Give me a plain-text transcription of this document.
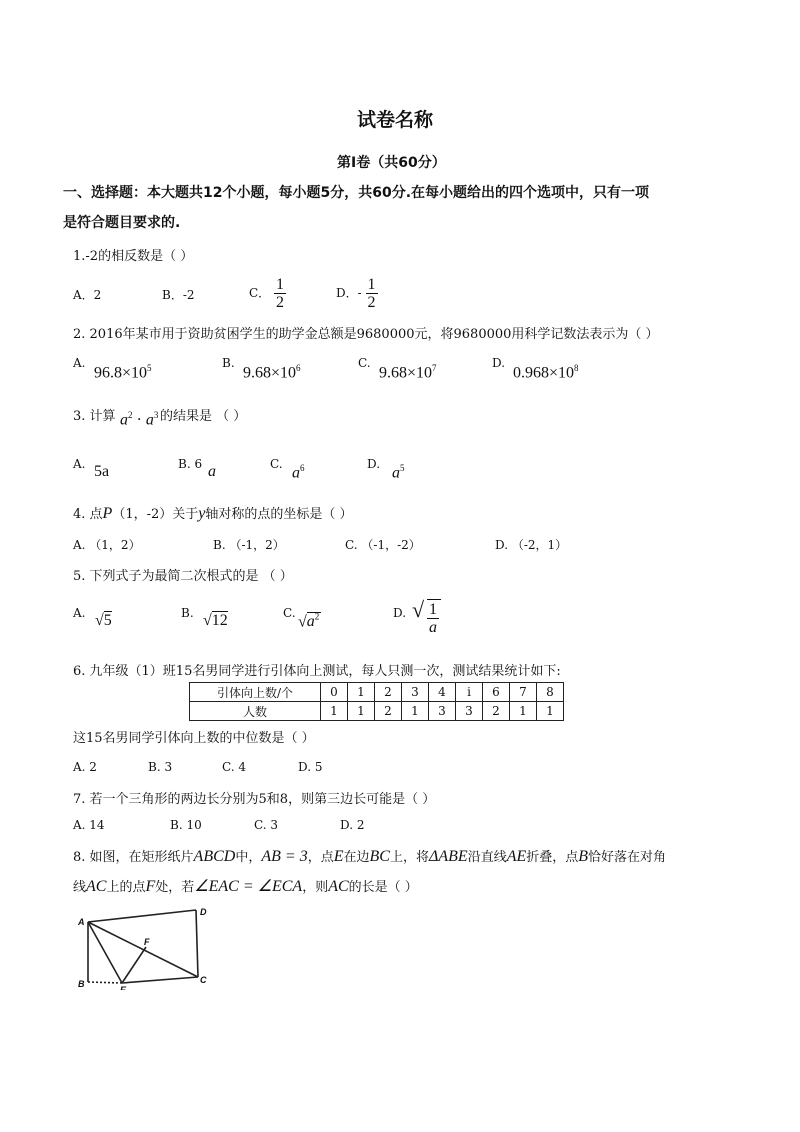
试卷名称
第Ⅰ卷（共60分）
一、选择题：本大题共12个小题，每小题5分，共60分.在每小题给出的四个选项中，只有一项
是符合题目要求的.
1.-2的相反数是（ ）
A．2	B．-2	C． $\frac{1}{2}$	D．- $\frac{1}{2}$
2. 2016年某市用于资助贫困学生的助学金总额是9680000元，将9680000用科学记数法表示为（ ）
A.
$96.8\times 10^5$	B.
$9.68\times 10^6$	C.
$9.68\times 10^7$	D.
$0.968\times 10^8$
3. 计算 $a^2 \cdot a^3$ 的结果是 （ ）
A. 5a	B. 6 a	C.
$a^6$	D.
$a^5$
4. 点P（1，-2）关于y轴对称的点的坐标是（ ）
A. （1，2）	B. （-1，2）	C. （-1，-2）	D. （-2，1）
5. 下列式子为最简二次根式的是 （ ）
A. √5	B. √12	C.
$√a^2$	D. √ $\frac{1}{a}$
6. 九年级（1）班15名男同学进行引体向上测试，每人只测一次，测试结果统计如下:
引体向上数/个	0	1	2	3	4	i	6	7	8
人数	1	1	2	1	3	3	2	1	1
这15名男同学引体向上数的中位数是（ ）
A. 2	B. 3	C. 4	D. 5
7. 若一个三角形的两边长分别为5和8，则第三边长可能是（ ）
A. 14	B. 10	C. 3	D. 2
8. 如图，在矩形纸片ABCD中，AB = 3，点E在边BC上，将ΔABE沿直线AE折叠，点B恰好落在对角
线AC上的点F处，若∠EAC = ∠ECA，则AC的长是（ ）
A
B	C
D
E
F
